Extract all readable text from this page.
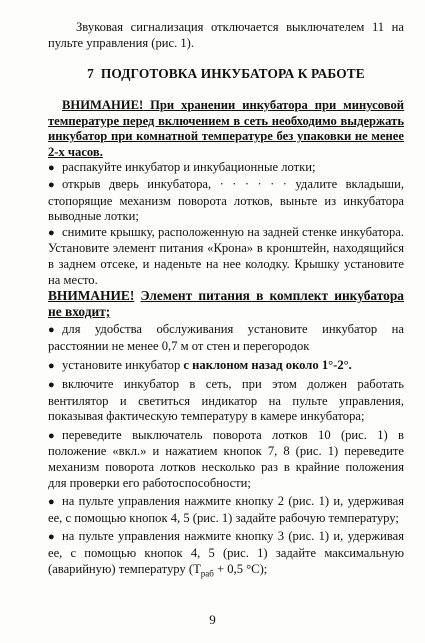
Звуковая сигнализация отключается выключателем 11 на пульте управления (рис. 1).
7 ПОДГОТОВКА ИНКУБАТОРА К РАБОТЕ

ВНИМАНИЕ! При хранении инкубатора при минусовой температуре перед включением в сеть необходимо выдержать инкубатор при комнатной температуре без упаковки не менее 2-х часов.

● распакуйте инкубатор и инкубационные лотки;

● открыв дверь инкубатора, · · · · · · удалите вкладыши, стопорящие механизм поворота лотков, выньте из инкубатора выводные лотки;

● снимите крышку, расположенную на задней стенке инкубатора. Установите элемент питания «Крона» в кронштейн, находящийся в заднем отсеке, и наденьте на нее колодку. Крышку установите на место.

ВНИМАНИЕ! Элемент питания в комплект инкубатора не входит;

● для удобства обслуживания установите инкубатор на расстоянии не менее 0,7 м от стен и перегородок

● установите инкубатор с наклоном назад около 1°-2°.

● включите инкубатор в сеть, при этом должен работать вентилятор и светиться индикатор на пульте управления, показывая фактическую температуру в камере инкубатора;

● переведите выключатель поворота лотков 10 (рис. 1) в положение «вкл.» и нажатием кнопок 7, 8 (рис. 1) переведите механизм поворота лотков несколько раз в крайние положения для проверки его работоспособности;

● на пульте управления нажмите кнопку 2 (рис. 1) и, удерживая ее, с помощью кнопок 4, 5 (рис. 1) задайте рабочую температуру;

● на пульте управления нажмите кнопку 3 (рис. 1) и, удерживая ее, с помощью кнопок 4, 5 (рис. 1) задайте максимальную (аварийную) температуру ($Т_{раб} + 0,5$ °С);

9
